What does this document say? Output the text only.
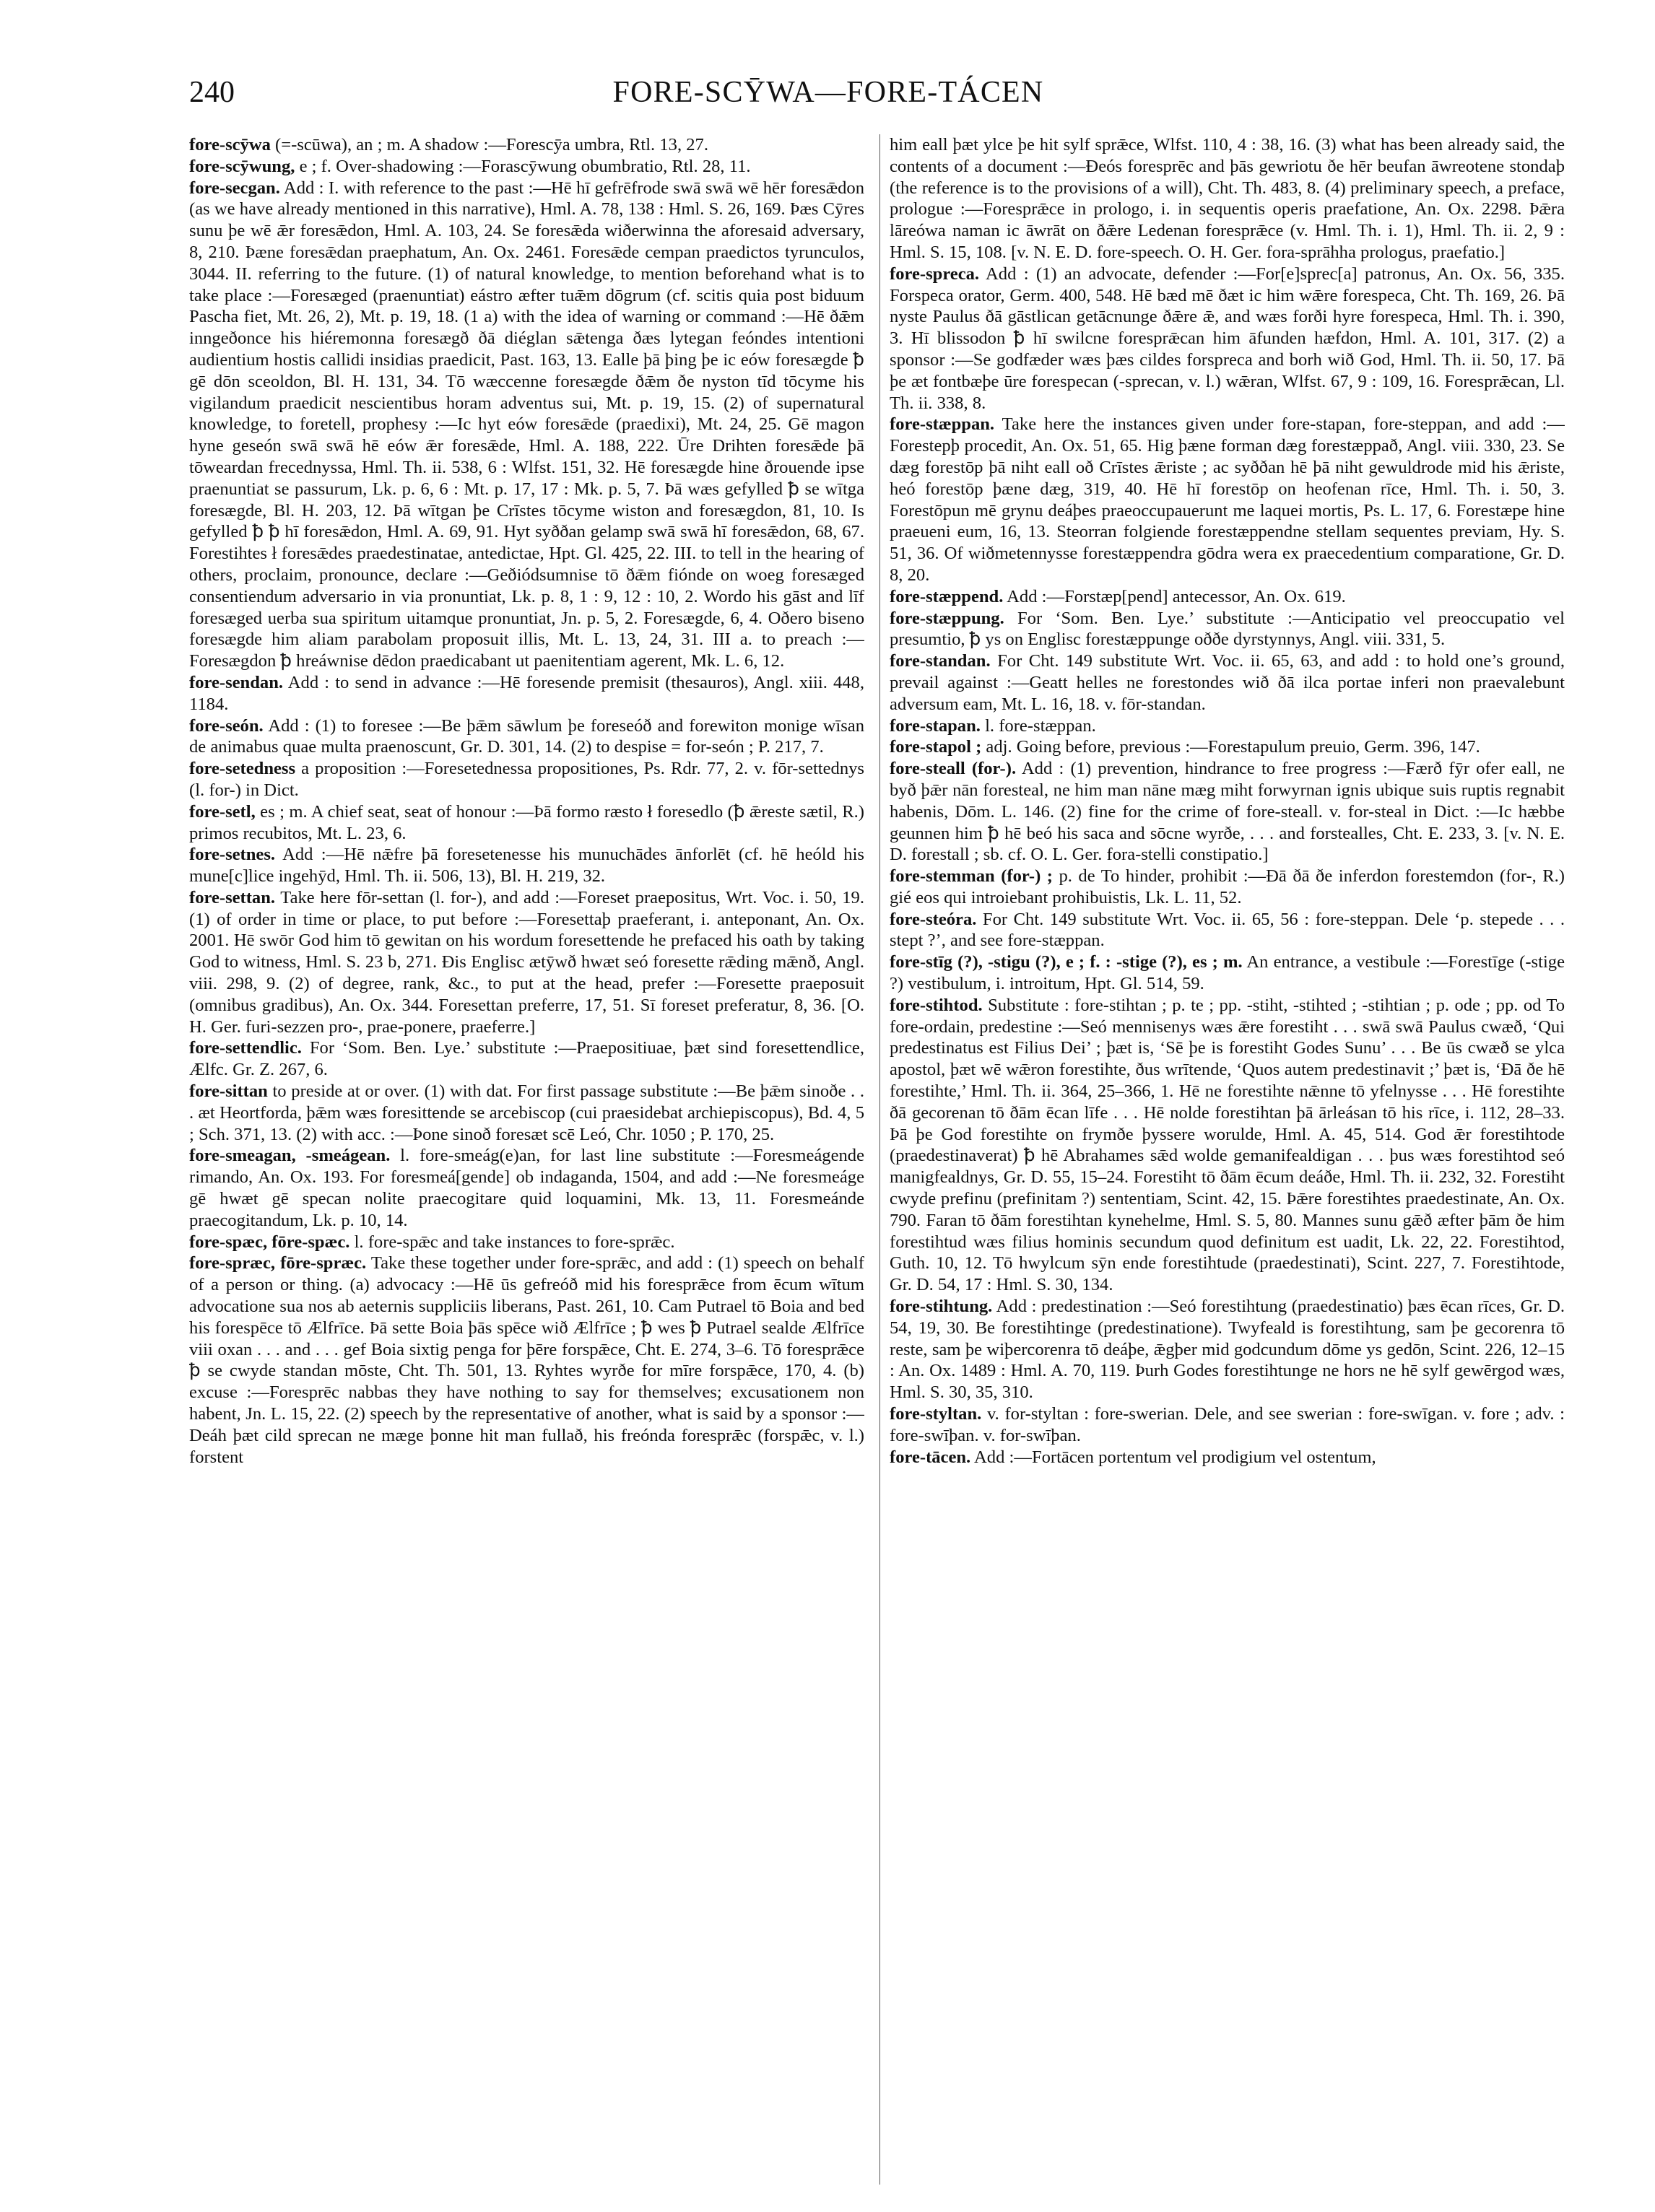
240	FORE-SCȲWA—FORE-TÁCEN

fore-scȳwa (=-scūwa), an ; m. A shadow :—Forescȳa umbra, Rtl. 13, 27.

fore-scȳwung, e ; f. Over-shadowing :—Forascȳwung obumbratio, Rtl. 28, 11.

fore-secgan. Add : I. with reference to the past :—Hē hī gefrēfrode swā swā wē hēr foresǣdon (as we have already mentioned in this narrative), Hml. A. 78, 138 : Hml. S. 26, 169. Þæs Cȳres sunu þe wē ǣr foresǣdon, Hml. A. 103, 24. Se foresǣda wiðerwinna the aforesaid adversary, 8, 210. Þæne foresǣdan praephatum, An. Ox. 2461. Foresǣde cempan praedictos tyrunculos, 3044. II. referring to the future. (1) of natural knowledge, to mention beforehand what is to take place :—Foresæged (praenuntiat) eástro æfter tuǣm dōgrum (cf. scitis quia post biduum Pascha fiet, Mt. 26, 2), Mt. p. 19, 18. (1 a) with the idea of warning or command :—Hē ðǣm inngeðonce his hiéremonna foresægð ðā diéglan sǣtenga ðæs lytegan feóndes intentioni audientium hostis callidi insidias praedicit, Past. 163, 13. Ealle þā þing þe ic eów foresægde ꝥ gē dōn sceoldon, Bl. H. 131, 34. Tō wæccenne foresægde ðǣm ðe nyston tīd tōcyme his vigilandum praedicit nescientibus horam adventus sui, Mt. p. 19, 15. (2) of supernatural knowledge, to foretell, prophesy :—Ic hyt eów foresǣde (praedixi), Mt. 24, 25. Gē magon hyne geseón swā swā hē eów ǣr foresǣde, Hml. A. 188, 222. Ūre Drihten foresǣde þā tōweardan frecednyssa, Hml. Th. ii. 538, 6 : Wlfst. 151, 32. Hē foresægde hine ðrouende ipse praenuntiat se passurum, Lk. p. 6, 6 : Mt. p. 17, 17 : Mk. p. 5, 7. Þā wæs gefylled ꝥ se wītga foresægde, Bl. H. 203, 12. Þā wītgan þe Crīstes tōcyme wiston and foresægdon, 81, 10. Is gefylled ꝥ ꝥ hī foresǣdon, Hml. A. 69, 91. Hyt syððan gelamp swā swā hī foresǣdon, 68, 67. Forestihtes ł foresǣdes praedestinatae, antedictae, Hpt. Gl. 425, 22. III. to tell in the hearing of others, proclaim, pronounce, declare :—Geðiódsumnise tō ðǣm fiónde on woeg foresæged consentiendum adversario in via pronuntiat, Lk. p. 8, 1 : 9, 12 : 10, 2. Wordo his gāst and līf foresæged uerba sua spiritum uitamque pronuntiat, Jn. p. 5, 2. Foresægde, 6, 4. Oðero biseno foresægde him aliam parabolam proposuit illis, Mt. L. 13, 24, 31. III a. to preach :—Foresægdon ꝥ hreáwnise dēdon praedicabant ut paenitentiam agerent, Mk. L. 6, 12.

fore-sendan. Add : to send in advance :—Hē foresende premisit (thesauros), Angl. xiii. 448, 1184.

fore-seón. Add : (1) to foresee :—Be þǣm sāwlum þe foreseóð and forewiton monige wīsan de animabus quae multa praenoscunt, Gr. D. 301, 14. (2) to despise = for-seón ; P. 217, 7.

fore-setedness a proposition :—Foresetednessa propositiones, Ps. Rdr. 77, 2. v. fōr-settednys (l. for-) in Dict.

fore-setl, es ; m. A chief seat, seat of honour :—Þā formo ræsto ł foresedlo (ꝥ ǣreste sætil, R.) primos recubitos, Mt. L. 23, 6.

fore-setnes. Add :—Hē nǣfre þā foresetenesse his munuchādes ānforlēt (cf. hē heóld his mune[c]lice ingehȳd, Hml. Th. ii. 506, 13), Bl. H. 219, 32.

fore-settan. Take here fōr-settan (l. for-), and add :—Foreset praepositus, Wrt. Voc. i. 50, 19. (1) of order in time or place, to put before :—Foresettaþ praeferant, i. anteponant, An. Ox. 2001. Hē swōr God him tō gewitan on his wordum foresettende he prefaced his oath by taking God to witness, Hml. S. 23 b, 271. Ðis Englisc ætȳwð hwæt seó foresette rǣding mǣnð, Angl. viii. 298, 9. (2) of degree, rank, &c., to put at the head, prefer :—Foresette praeposuit (omnibus gradibus), An. Ox. 344. Foresettan preferre, 17, 51. Sī foreset preferatur, 8, 36. [O. H. Ger. furi-sezzen pro-, prae-ponere, praeferre.]

fore-settendlic. For ‘Som. Ben. Lye.’ substitute :—Praepositiuae, þæt sind foresettendlice, Ælfc. Gr. Z. 267, 6.

fore-sittan to preside at or over. (1) with dat. For first passage substitute :—Be þǣm sinoðe . . . æt Heortforda, þǣm wæs foresittende se arcebiscop (cui praesidebat archiepiscopus), Bd. 4, 5 ; Sch. 371, 13. (2) with acc. :—Þone sinoð foresæt scē Leó, Chr. 1050 ; P. 170, 25.

fore-smeagan, -smeágean. l. fore-smeág(e)an, for last line substitute :—Foresmeágende rimando, An. Ox. 193. For foresmeá[gende] ob indaganda, 1504, and add :—Ne foresmeáge gē hwæt gē specan nolite praecogitare quid loquamini, Mk. 13, 11. Foresmeánde praecogitandum, Lk. p. 10, 14.

fore-spæc, fōre-spæc. l. fore-spǣc and take instances to fore-sprǣc.

fore-spræc, fōre-spræc. Take these together under fore-sprǣc, and add : (1) speech on behalf of a person or thing. (a) advocacy :—Hē ūs gefreóð mid his foresprǣce from ēcum wītum advocatione sua nos ab aeternis suppliciis liberans, Past. 261, 10. Cam Putrael tō Boia and bed his forespēce tō Ælfrīce. Þā sette Boia þās spēce wið Ælfrīce ; ꝥ wes ꝥ Putrael sealde Ælfrīce viii oxan . . . and . . . gef Boia sixtig penga for þēre forspǣce, Cht. E. 274, 3–6. Tō foresprǣce ꝥ se cwyde standan mōste, Cht. Th. 501, 13. Ryhtes wyrðe for mīre forspǣce, 170, 4. (b) excuse :—Foresprēc nabbas they have nothing to say for themselves; excusationem non habent, Jn. L. 15, 22. (2) speech by the representative of another, what is said by a sponsor :—Deáh þæt cild sprecan ne mæge þonne hit man fullað, his freónda foresprǣc (forspǣc, v. l.) forstent

him eall þæt ylce þe hit sylf sprǣce, Wlfst. 110, 4 : 38, 16. (3) what has been already said, the contents of a document :—Ðeós foresprēc and þās gewriotu ðe hēr beufan āwreotene stondaþ (the reference is to the provisions of a will), Cht. Th. 483, 8. (4) preliminary speech, a preface, prologue :—Foresprǣce in prologo, i. in sequentis operis praefatione, An. Ox. 2298. Þǣra lāreówa naman ic āwrāt on ðǣre Ledenan foresprǣce (v. Hml. Th. i. 1), Hml. Th. ii. 2, 9 : Hml. S. 15, 108. [v. N. E. D. fore-speech. O. H. Ger. fora-sprāhha prologus, praefatio.]

fore-spreca. Add : (1) an advocate, defender :—For[e]sprec[a] patronus, An. Ox. 56, 335. Forspeca orator, Germ. 400, 548. Hē bæd mē ðæt ic him wǣre forespeca, Cht. Th. 169, 26. Þā nyste Paulus ðā gāstlican getācnunge ðǣre ǣ, and wæs forði hyre forespeca, Hml. Th. i. 390, 3. Hī blissodon ꝥ hī swilcne foresprǣcan him āfunden hæfdon, Hml. A. 101, 317. (2) a sponsor :—Se godfæder wæs þæs cildes forspreca and borh wið God, Hml. Th. ii. 50, 17. Þā þe æt fontbæþe ūre forespecan (-sprecan, v. l.) wǣran, Wlfst. 67, 9 : 109, 16. Foresprǣcan, Ll. Th. ii. 338, 8.

fore-stæppan. Take here the instances given under fore-stapan, fore-steppan, and add :—Forestepþ procedit, An. Ox. 51, 65. Hig þæne forman dæg forestæppað, Angl. viii. 330, 23. Se dæg forestōp þā niht eall oð Crīstes ǣriste ; ac syððan hē þā niht gewuldrode mid his ǣriste, heó forestōp þæne dæg, 319, 40. Hē hī forestōp on heofenan rīce, Hml. Th. i. 50, 3. Forestōpun mē grynu deáþes praeoccupauerunt me laquei mortis, Ps. L. 17, 6. Forestæpe hine praeueni eum, 16, 13. Steorran folgiende forestæppendne stellam sequentes previam, Hy. S. 51, 36. Of wiðmetennysse forestæppendra gōdra wera ex praecedentium comparatione, Gr. D. 8, 20.

fore-stæppend. Add :—Forstæp[pend] antecessor, An. Ox. 619.

fore-stæppung. For ‘Som. Ben. Lye.’ substitute :—Anticipatio vel preoccupatio vel presumtio, ꝥ ys on Englisc forestæppunge oððe dyrstynnys, Angl. viii. 331, 5.

fore-standan. For Cht. 149 substitute Wrt. Voc. ii. 65, 63, and add : to hold one’s ground, prevail against :—Geatt helles ne forestondes wið ðā ilca portae inferi non praevalebunt adversum eam, Mt. L. 16, 18. v. fōr-standan.

fore-stapan. l. fore-stæppan.

fore-stapol ; adj. Going before, previous :—Forestapulum preuio, Germ. 396, 147.

fore-steall (for-). Add : (1) prevention, hindrance to free progress :—Færð fȳr ofer eall, ne byð þǣr nān foresteal, ne him man nāne mæg miht forwyrnan ignis ubique suis ruptis regnabit habenis, Dōm. L. 146. (2) fine for the crime of fore-steall. v. for-steal in Dict. :—Ic hæbbe geunnen him ꝥ hē beó his saca and sōcne wyrðe, . . . and forstealles, Cht. E. 233, 3. [v. N. E. D. forestall ; sb. cf. O. L. Ger. fora-stelli constipatio.]

fore-stemman (for-) ; p. de To hinder, prohibit :—Ðā ðā ðe inferdon forestemdon (for-, R.) gié eos qui introiebant prohibuistis, Lk. L. 11, 52.

fore-steóra. For Cht. 149 substitute Wrt. Voc. ii. 65, 56 : fore-steppan. Dele ‘p. stepede . . . stept ?’, and see fore-stæppan.

fore-stīg (?), -stigu (?), e ; f. : -stige (?), es ; m. An entrance, a vestibule :—Forestīge (-stige ?) vestibulum, i. introitum, Hpt. Gl. 514, 59.

fore-stihtod. Substitute : fore-stihtan ; p. te ; pp. -stiht, -stihted ; -stihtian ; p. ode ; pp. od To fore-ordain, predestine :—Seó mennisenys wæs ǣre forestiht . . . swā swā Paulus cwæð, ‘Qui predestinatus est Filius Dei’ ; þæt is, ‘Sē þe is forestiht Godes Sunu’ . . . Be ūs cwæð se ylca apostol, þæt wē wǣron forestihte, ðus wrītende, ‘Quos autem predestinavit ;’ þæt is, ‘Ðā ðe hē forestihte,’ Hml. Th. ii. 364, 25–366, 1. Hē ne forestihte nǣnne tō yfelnysse . . . Hē forestihte ðā gecorenan tō ðām ēcan līfe . . . Hē nolde forestihtan þā ārleásan tō his rīce, i. 112, 28–33. Þā þe God forestihte on frymðe þyssere worulde, Hml. A. 45, 514. God ǣr forestihtode (praedestinaverat) ꝥ hē Abrahames sǣd wolde gemanifealdigan . . . þus wæs forestihtod seó manigfealdnys, Gr. D. 55, 15–24. Forestiht tō ðām ēcum deáðe, Hml. Th. ii. 232, 32. Forestiht cwyde prefinu (prefinitam ?) sententiam, Scint. 42, 15. Þǣre forestihtes praedestinate, An. Ox. 790. Faran tō ðām forestihtan kynehelme, Hml. S. 5, 80. Mannes sunu gǣð æfter þām ðe him forestihtud wæs filius hominis secundum quod definitum est uadit, Lk. 22, 22. Forestihtod, Guth. 10, 12. Tō hwylcum sȳn ende forestihtude (praedestinati), Scint. 227, 7. Forestihtode, Gr. D. 54, 17 : Hml. S. 30, 134.

fore-stihtung. Add : predestination :—Seó forestihtung (praedestinatio) þæs ēcan rīces, Gr. D. 54, 19, 30. Be forestihtinge (predestinatione). Twyfeald is forestihtung, sam þe gecorenra tō reste, sam þe wiþercorenra tō deáþe, ǣgþer mid godcundum dōme ys gedōn, Scint. 226, 12–15 : An. Ox. 1489 : Hml. A. 70, 119. Þurh Godes forestihtunge ne hors ne hē sylf gewērgod wæs, Hml. S. 30, 35, 310.

fore-styltan. v. for-styltan : fore-swerian. Dele, and see swerian : fore-swīgan. v. fore ; adv. : fore-swīþan. v. for-swīþan.

fore-tācen. Add :—Fortācen portentum vel prodigium vel ostentum,
